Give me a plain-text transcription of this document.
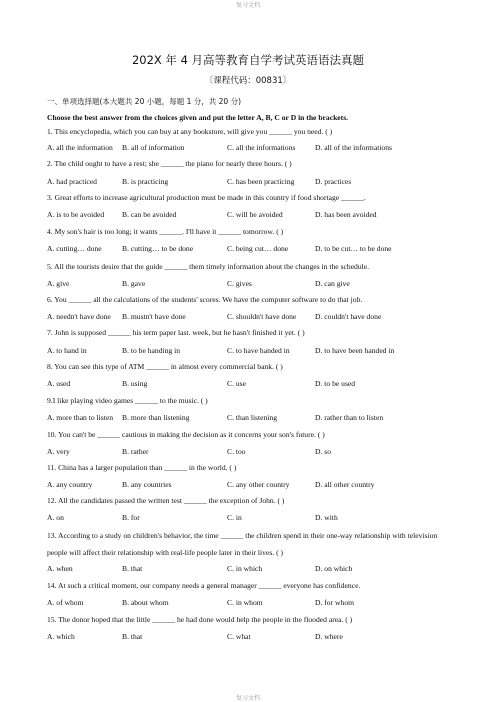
复习文档
202X 年 4 月高等教育自学考试英语语法真题
〔课程代码：00831〕
一、单项选择题(本大题共 20 小题，每题 1 分，共 20 分)
Choose the best answer from the choices given and put the letter A, B, C or D in the brackets.
1. This encyclopedia, which you can buy at any bookstore, will give you ______ you need. ( )
A. all the information B. all of information	C. all the informations	D. all of the informations
2. The child ought to have a rest; she ______ the piano for nearly three hours. ( )
A. had practiced	B. is practicing	C. has been practicing	D. practices
3. Great efforts to increase agricultural production must be made in this country if food shortage ______.
A. is to be avoided B. can be avoided	C. will be avoided	D. has been avoided
4. My son's hair is too long; it wants ______. I'll have it ______ tomorrow. ( )
A. cutting… done	B. cutting… to be done	C. being cut… done	D. to be cut… to be done
5. All the tourists desire that the guide ______ them timely information about the changes in the schedule.
A. give	B. gave	C. gives	D. can give
6. You ______ all the calculations of the students' scores. We have the computer software to do that job.
A. needn't have done B. mustn't have done	C. shouldn't have done D. couldn't have done
7. John is supposed ______ his term paper last. week, but he hasn't finished it yet. ( )
A. to hand in	B. to be handing in	C. to have handed in	D. to have been handed in
8. You can see this type of ATM ______ in almost every commercial bank. ( )
A. used	B. using	C. use	D. to be used
9.I like playing video games ______ to the music. ( )
A. more than to listen B. more than listening	C. than listening	D. rather than to listen
10. You can't be ______ cautious in making the decision as it concerns your son's future. ( )
A. very	B. rather	C. too	D. so
11. China has a larger population than ______ in the world. ( )
A. any country	B. any countries	C. any other country	D. all other country
12. All the candidates passed the written test ______ the exception of John. ( )
A. on	B. for	C. in	D. with
13. According to a study on children's behavior, the time ______ the children spend in their one-way relationship with television people will affect their relationship with real-life people later in their lives. ( )
A. when	B. that	C. in which	D. on which
14. At such a critical moment, our company needs a general manager ______ everyone has confidence.
A. of whom	B. about whom	C. in whom	D. for whom
15. The donor hoped that the little ______ he had done would help the people in the flooded area. ( )
A. which	B. that	C. what	D. where
复习文档
